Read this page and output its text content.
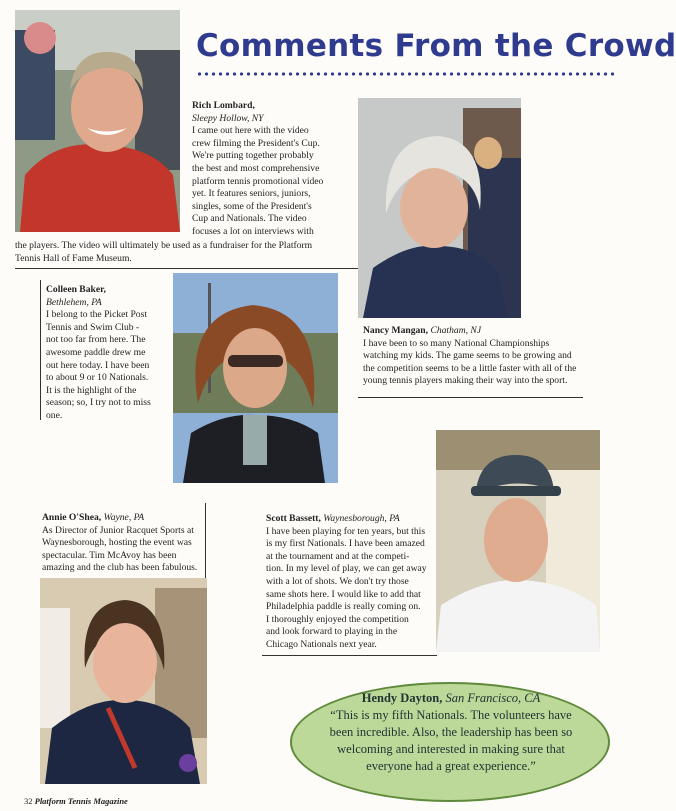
Comments From the Crowd
Rich Lombard,
Sleepy Hollow, NY
I came out here with the video
crew filming the President's Cup.
We're putting together probably
the best and most comprehensive
platform tennis promotional video
yet. It features seniors, juniors,
singles, some of the President's
Cup and Nationals. The video
focuses a lot on interviews with
the players. The video will ultimately be used as a fundraiser for the Platform
Tennis Hall of Fame Museum.
Nancy Mangan, Chatham, NJ
I have been to so many National Championships
watching my kids. The game seems to be growing and
the competition seems to be a little faster with all of the
young tennis players making their way into the sport.
Colleen Baker,
Bethlehem, PA
I belong to the Picket Post
Tennis and Swim Club -
not too far from here. The
awesome paddle drew me
out here today. I have been
to about 9 or 10 Nationals.
It is the highlight of the
season; so, I try not to miss
one.
Annie O'Shea, Wayne, PA
As Director of Junior Racquet Sports at
Waynesborough, hosting the event was
spectacular. Tim McAvoy has been
amazing and the club has been fabulous.
Scott Bassett, Waynesborough, PA
I have been playing for ten years, but this
is my first Nationals. I have been amazed
at the tournament and at the competi-
tion. In my level of play, we can get away
with a lot of shots. We don't try those
same shots here. I would like to add that
Philadelphia paddle is really coming on.
I thoroughly enjoyed the competition
and look forward to playing in the
Chicago Nationals next year.
Hendy Dayton, San Francisco, CA
“This is my fifth Nationals. The volunteers have
been incredible. Also, the leadership has been so
welcoming and interested in making sure that
everyone had a great experience.”
32 Platform Tennis Magazine
